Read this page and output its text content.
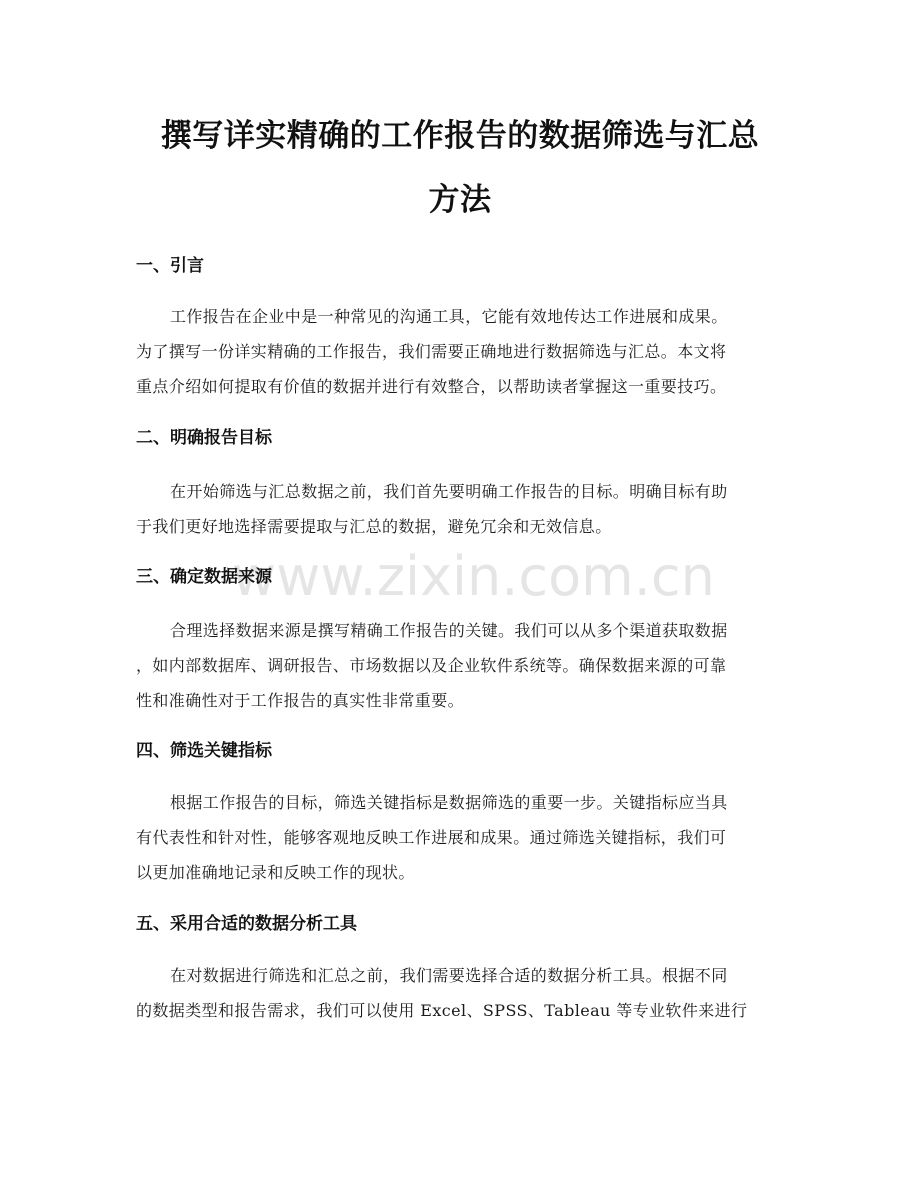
撰写详实精确的工作报告的数据筛选与汇总
方法
一、引言
工作报告在企业中是一种常见的沟通工具，它能有效地传达工作进展和成果。
为了撰写一份详实精确的工作报告，我们需要正确地进行数据筛选与汇总。本文将
重点介绍如何提取有价值的数据并进行有效整合，以帮助读者掌握这一重要技巧。
二、明确报告目标
在开始筛选与汇总数据之前，我们首先要明确工作报告的目标。明确目标有助
于我们更好地选择需要提取与汇总的数据，避免冗余和无效信息。
三、确定数据来源
合理选择数据来源是撰写精确工作报告的关键。我们可以从多个渠道获取数据
，如内部数据库、调研报告、市场数据以及企业软件系统等。确保数据来源的可靠
性和准确性对于工作报告的真实性非常重要。
四、筛选关键指标
根据工作报告的目标，筛选关键指标是数据筛选的重要一步。关键指标应当具
有代表性和针对性，能够客观地反映工作进展和成果。通过筛选关键指标，我们可
以更加准确地记录和反映工作的现状。
五、采用合适的数据分析工具
在对数据进行筛选和汇总之前，我们需要选择合适的数据分析工具。根据不同
的数据类型和报告需求，我们可以使用 Excel、SPSS、Tableau 等专业软件来进行
www.zixin.com.cn
